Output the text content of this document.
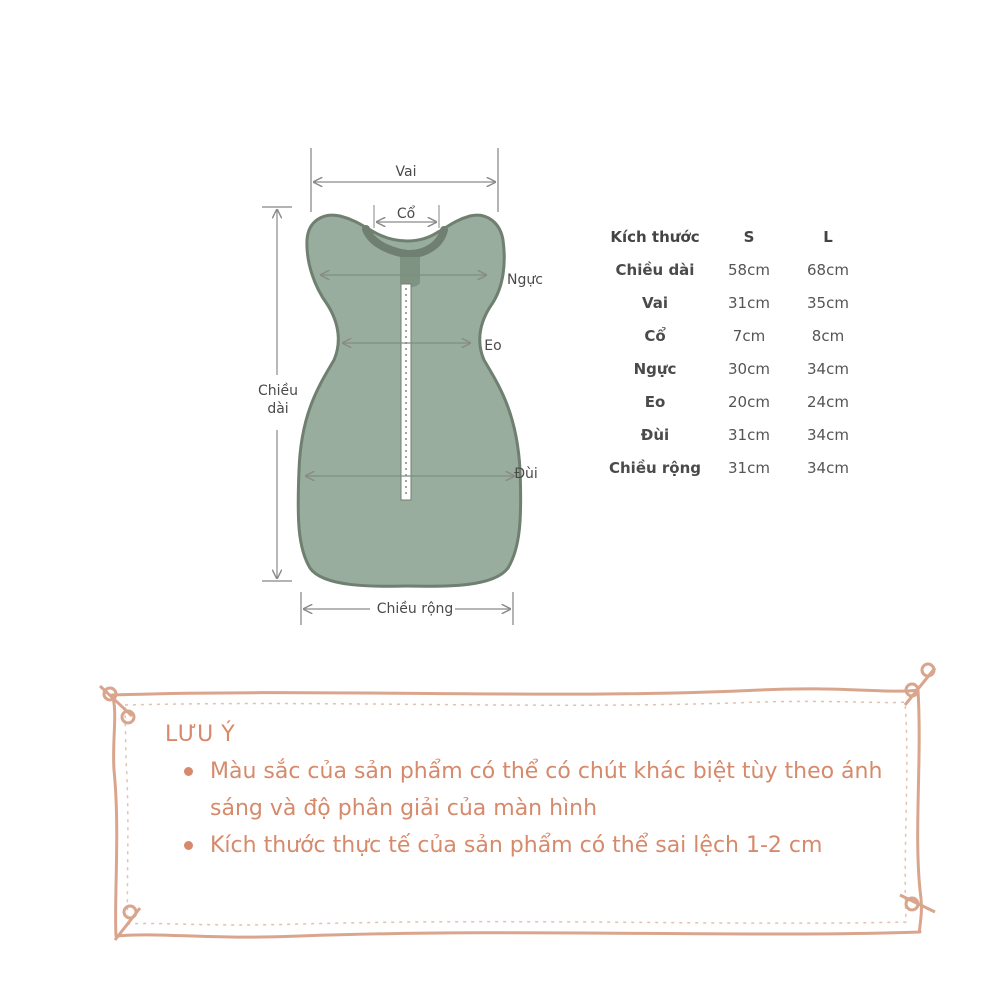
Vai
Cổ
Ngực
Eo
Đùi
Chiều
dài
Chiều rộng
Kích thước	S	L
Chiều dài	58cm	68cm
Vai	31cm	35cm
Cổ	7cm	8cm
Ngực	30cm	34cm
Eo	20cm	24cm
Đùi	31cm	34cm
Chiều rộng	31cm	34cm
LƯU Ý
Màu sắc của sản phẩm có thể có chút khác biệt tùy theo ánh sáng và độ phân giải của màn hình
Kích thước thực tế của sản phẩm có thể sai lệch 1-2 cm
